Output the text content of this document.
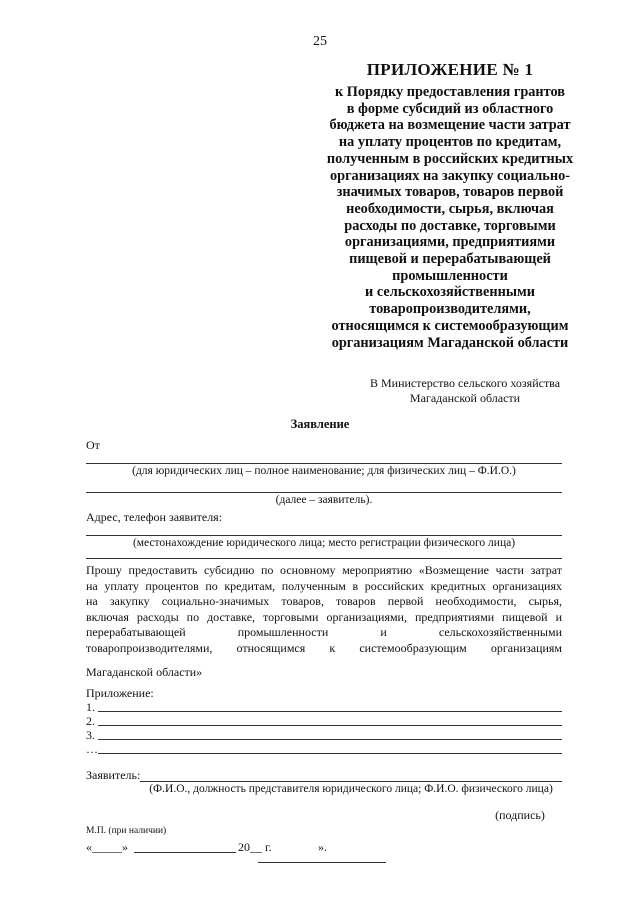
25
ПРИЛОЖЕНИЕ № 1
к Порядку предоставления грантов
в форме субсидий из областного
бюджета на возмещение части затрат
на уплату процентов по кредитам,
полученным в российских кредитных
организациях на закупку социально-
значимых товаров, товаров первой
необходимости, сырья, включая
расходы по доставке, торговыми
организациями, предприятиями
пищевой и перерабатывающей
промышленности
и сельскохозяйственными
товаропроизводителями,
относящимся к системообразующим
организациям Магаданской области
В Министерство сельского хозяйства
Магаданской области
Заявление
От
(для юридических лиц – полное наименование; для физических лиц – Ф.И.О.)
(далее – заявитель).
Адрес, телефон заявителя:
(местонахождение юридического лица; место регистрации физического лица)
Прошу предоставить субсидию по основному мероприятию «Возмещение части затрат
на уплату процентов по кредитам, полученным в российских кредитных организациях
на закупку социально-значимых товаров, товаров первой необходимости, сырья,
включая расходы по доставке, торговыми организациями, предприятиями пищевой и
перерабатывающей промышленности и сельскохозяйственными
товаропроизводителями, относящимся к системообразующим организациям
Магаданской области»
Приложение:
1.
2.
3.
…
Заявитель:
(Ф.И.О., должность представителя юридического лица; Ф.И.О. физического лица)
(подпись)
М.П. (при наличии)
«_____»	20__ г.	».
